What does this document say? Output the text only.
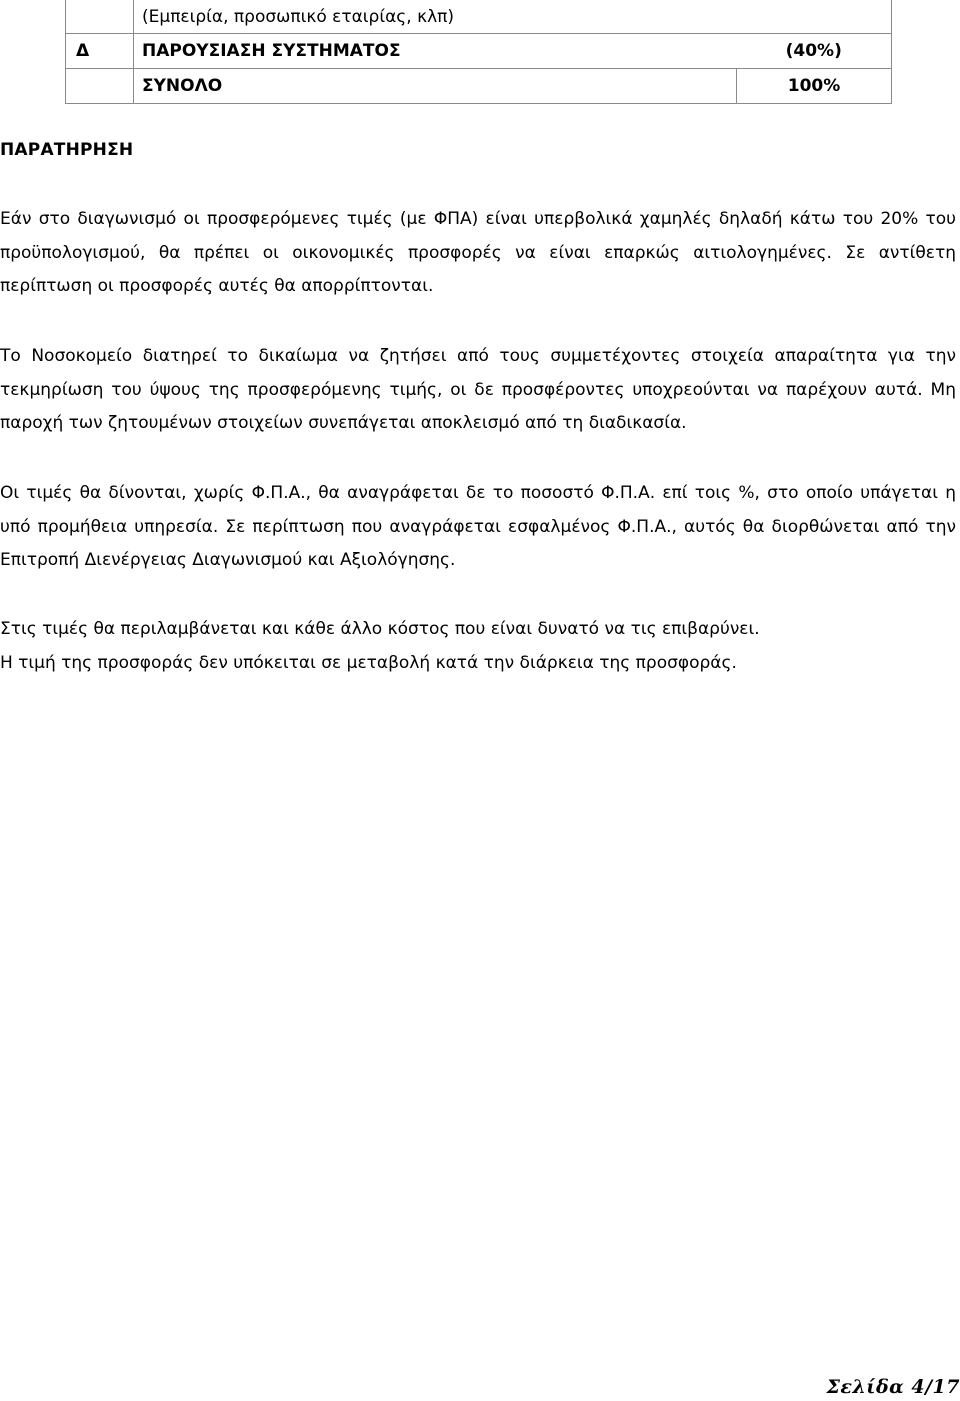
	(Εμπειρία, προσωπικό εταιρίας, κλπ)	
Δ	ΠΑΡΟΥΣΙΑΣΗ ΣΥΣΤΗΜΑΤΟΣ	(40%)
	ΣΥΝΟΛΟ	100%
ΠΑΡΑΤΗΡΗΣΗ
Εάν στο διαγωνισμό οι προσφερόμενες τιμές (με ΦΠΑ) είναι υπερβολικά χαμηλές δηλαδή κάτω του 20% του προϋπολογισμού, θα πρέπει οι οικονομικές προσφορές να είναι επαρκώς αιτιολογημένες. Σε αντίθετη περίπτωση οι προσφορές αυτές θα απορρίπτονται.
Το Νοσοκομείο διατηρεί το δικαίωμα να ζητήσει από τους συμμετέχοντες στοιχεία απαραίτητα για την τεκμηρίωση του ύψους της προσφερόμενης τιμής, οι δε προσφέροντες υποχρεούνται να παρέχουν αυτά. Μη παροχή των ζητουμένων στοιχείων συνεπάγεται αποκλεισμό από τη διαδικασία.
Οι τιμές θα δίνονται, χωρίς Φ.Π.Α., θα αναγράφεται δε το ποσοστό Φ.Π.Α. επί τοις %, στο οποίο υπάγεται η υπό προμήθεια υπηρεσία. Σε περίπτωση που αναγράφεται εσφαλμένος Φ.Π.Α., αυτός θα διορθώνεται από την Επιτροπή Διενέργειας Διαγωνισμού και Αξιολόγησης.
Στις τιμές θα περιλαμβάνεται και κάθε άλλο κόστος που είναι δυνατό να τις επιβαρύνει.
Η τιμή της προσφοράς δεν υπόκειται σε μεταβολή κατά την διάρκεια της προσφοράς.
Σελίδα 4/17
